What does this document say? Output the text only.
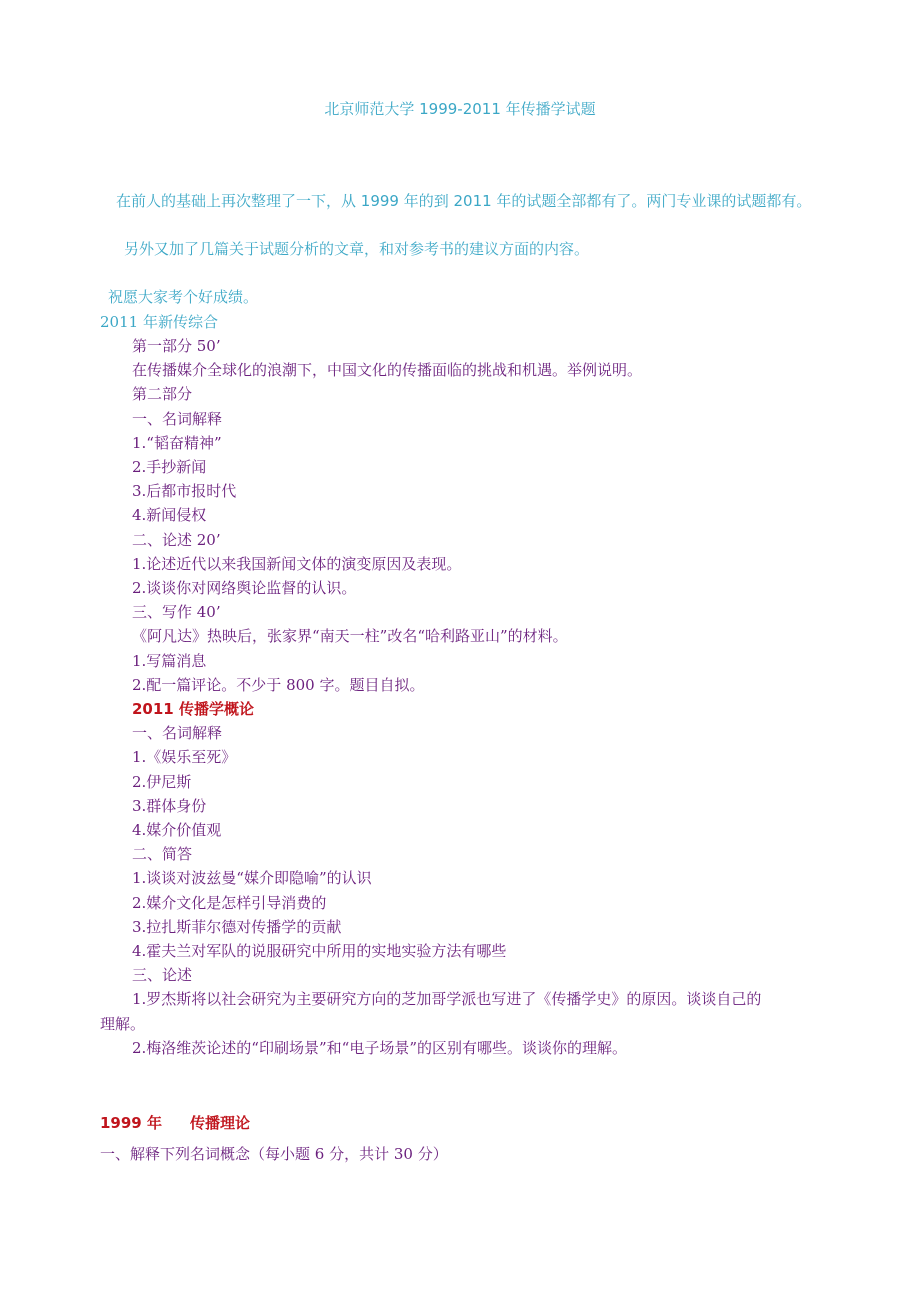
北京师范大学 1999-2011 年传播学试题
在前人的基础上再次整理了一下，从 1999 年的到 2011 年的试题全部都有了。两门专业课的试题都有。
另外又加了几篇关于试题分析的文章，和对参考书的建议方面的内容。
祝愿大家考个好成绩。
2011 年新传综合
第一部分 50’
在传播媒介全球化的浪潮下，中国文化的传播面临的挑战和机遇。举例说明。
第二部分
一、名词解释
1.“韬奋精神”
2.手抄新闻
3.后都市报时代
4.新闻侵权
二、论述 20’
1.论述近代以来我国新闻文体的演变原因及表现。
2.谈谈你对网络舆论监督的认识。
三、写作 40’
《阿凡达》热映后，张家界“南天一柱”改名“哈利路亚山”的材料。
1.写篇消息
2.配一篇评论。不少于 800 字。题目自拟。
2011 传播学概论
一、名词解释
1.《娱乐至死》
2.伊尼斯
3.群体身份
4.媒介价值观
二、简答
1.谈谈对波兹曼“媒介即隐喻”的认识
2.媒介文化是怎样引导消费的
3.拉扎斯菲尔德对传播学的贡献
4.霍夫兰对军队的说服研究中所用的实地实验方法有哪些
三、论述
1.罗杰斯将以社会研究为主要研究方向的芝加哥学派也写进了《传播学史》的原因。谈谈自己的
理解。
2.梅洛维茨论述的“印刷场景”和“电子场景”的区别有哪些。谈谈你的理解。
1999 年 传播理论
一、解释下列名词概念（每小题 6 分，共计 30 分）
